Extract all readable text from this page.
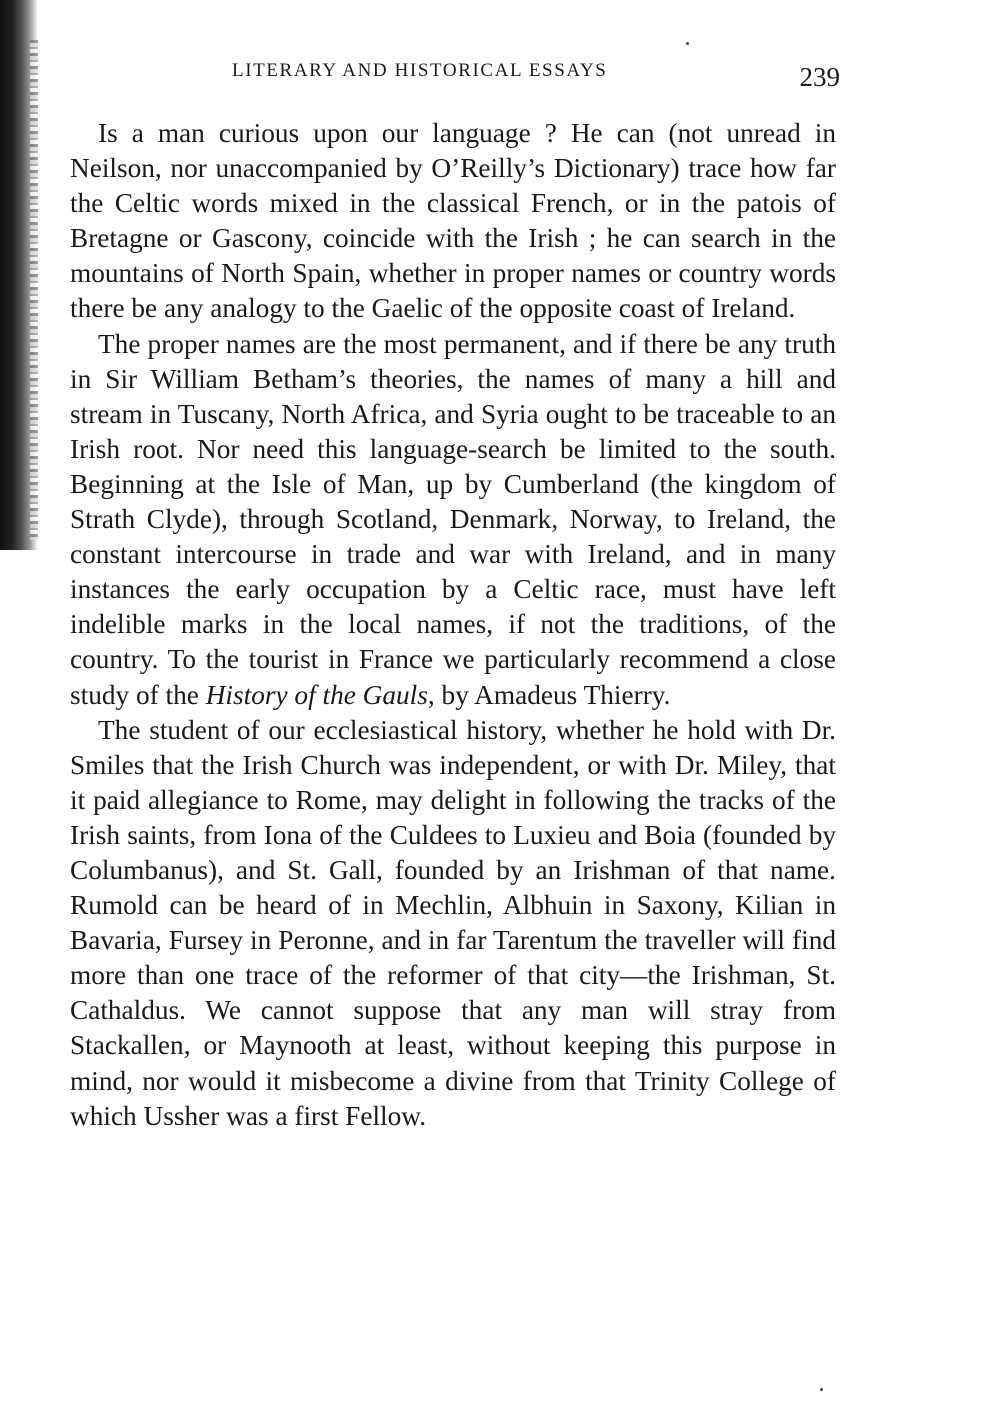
LITERARY AND HISTORICAL ESSAYS	239

Is a man curious upon our language ? He can (not unread in Neilson, nor unaccompanied by O’Reilly’s Dictionary) trace how far the Celtic words mixed in the classical French, or in the patois of Bretagne or Gascony, coincide with the Irish ; he can search in the mountains of North Spain, whether in proper names or country words there be any analogy to the Gaelic of the opposite coast of Ireland.

The proper names are the most permanent, and if there be any truth in Sir William Betham’s theories, the names of many a hill and stream in Tuscany, North Africa, and Syria ought to be traceable to an Irish root. Nor need this language-search be limited to the south. Beginning at the Isle of Man, up by Cumberland (the kingdom of Strath Clyde), through Scotland, Denmark, Norway, to Ireland, the constant intercourse in trade and war with Ireland, and in many instances the early occupation by a Celtic race, must have left indelible marks in the local names, if not the traditions, of the country. To the tourist in France we particularly recommend a close study of the History of the Gauls, by Amadeus Thierry.

The student of our ecclesiastical history, whether he hold with Dr. Smiles that the Irish Church was independent, or with Dr. Miley, that it paid allegiance to Rome, may delight in following the tracks of the Irish saints, from Iona of the Culdees to Luxieu and Boia (founded by Columbanus), and St. Gall, founded by an Irishman of that name. Rumold can be heard of in Mechlin, Albhuin in Saxony, Kilian in Bavaria, Fursey in Peronne, and in far Tarentum the traveller will find more than one trace of the reformer of that city—the Irishman, St. Cathaldus. We cannot suppose that any man will stray from Stackallen, or Maynooth at least, without keeping this purpose in mind, nor would it misbecome a divine from that Trinity College of which Ussher was a first Fellow.
